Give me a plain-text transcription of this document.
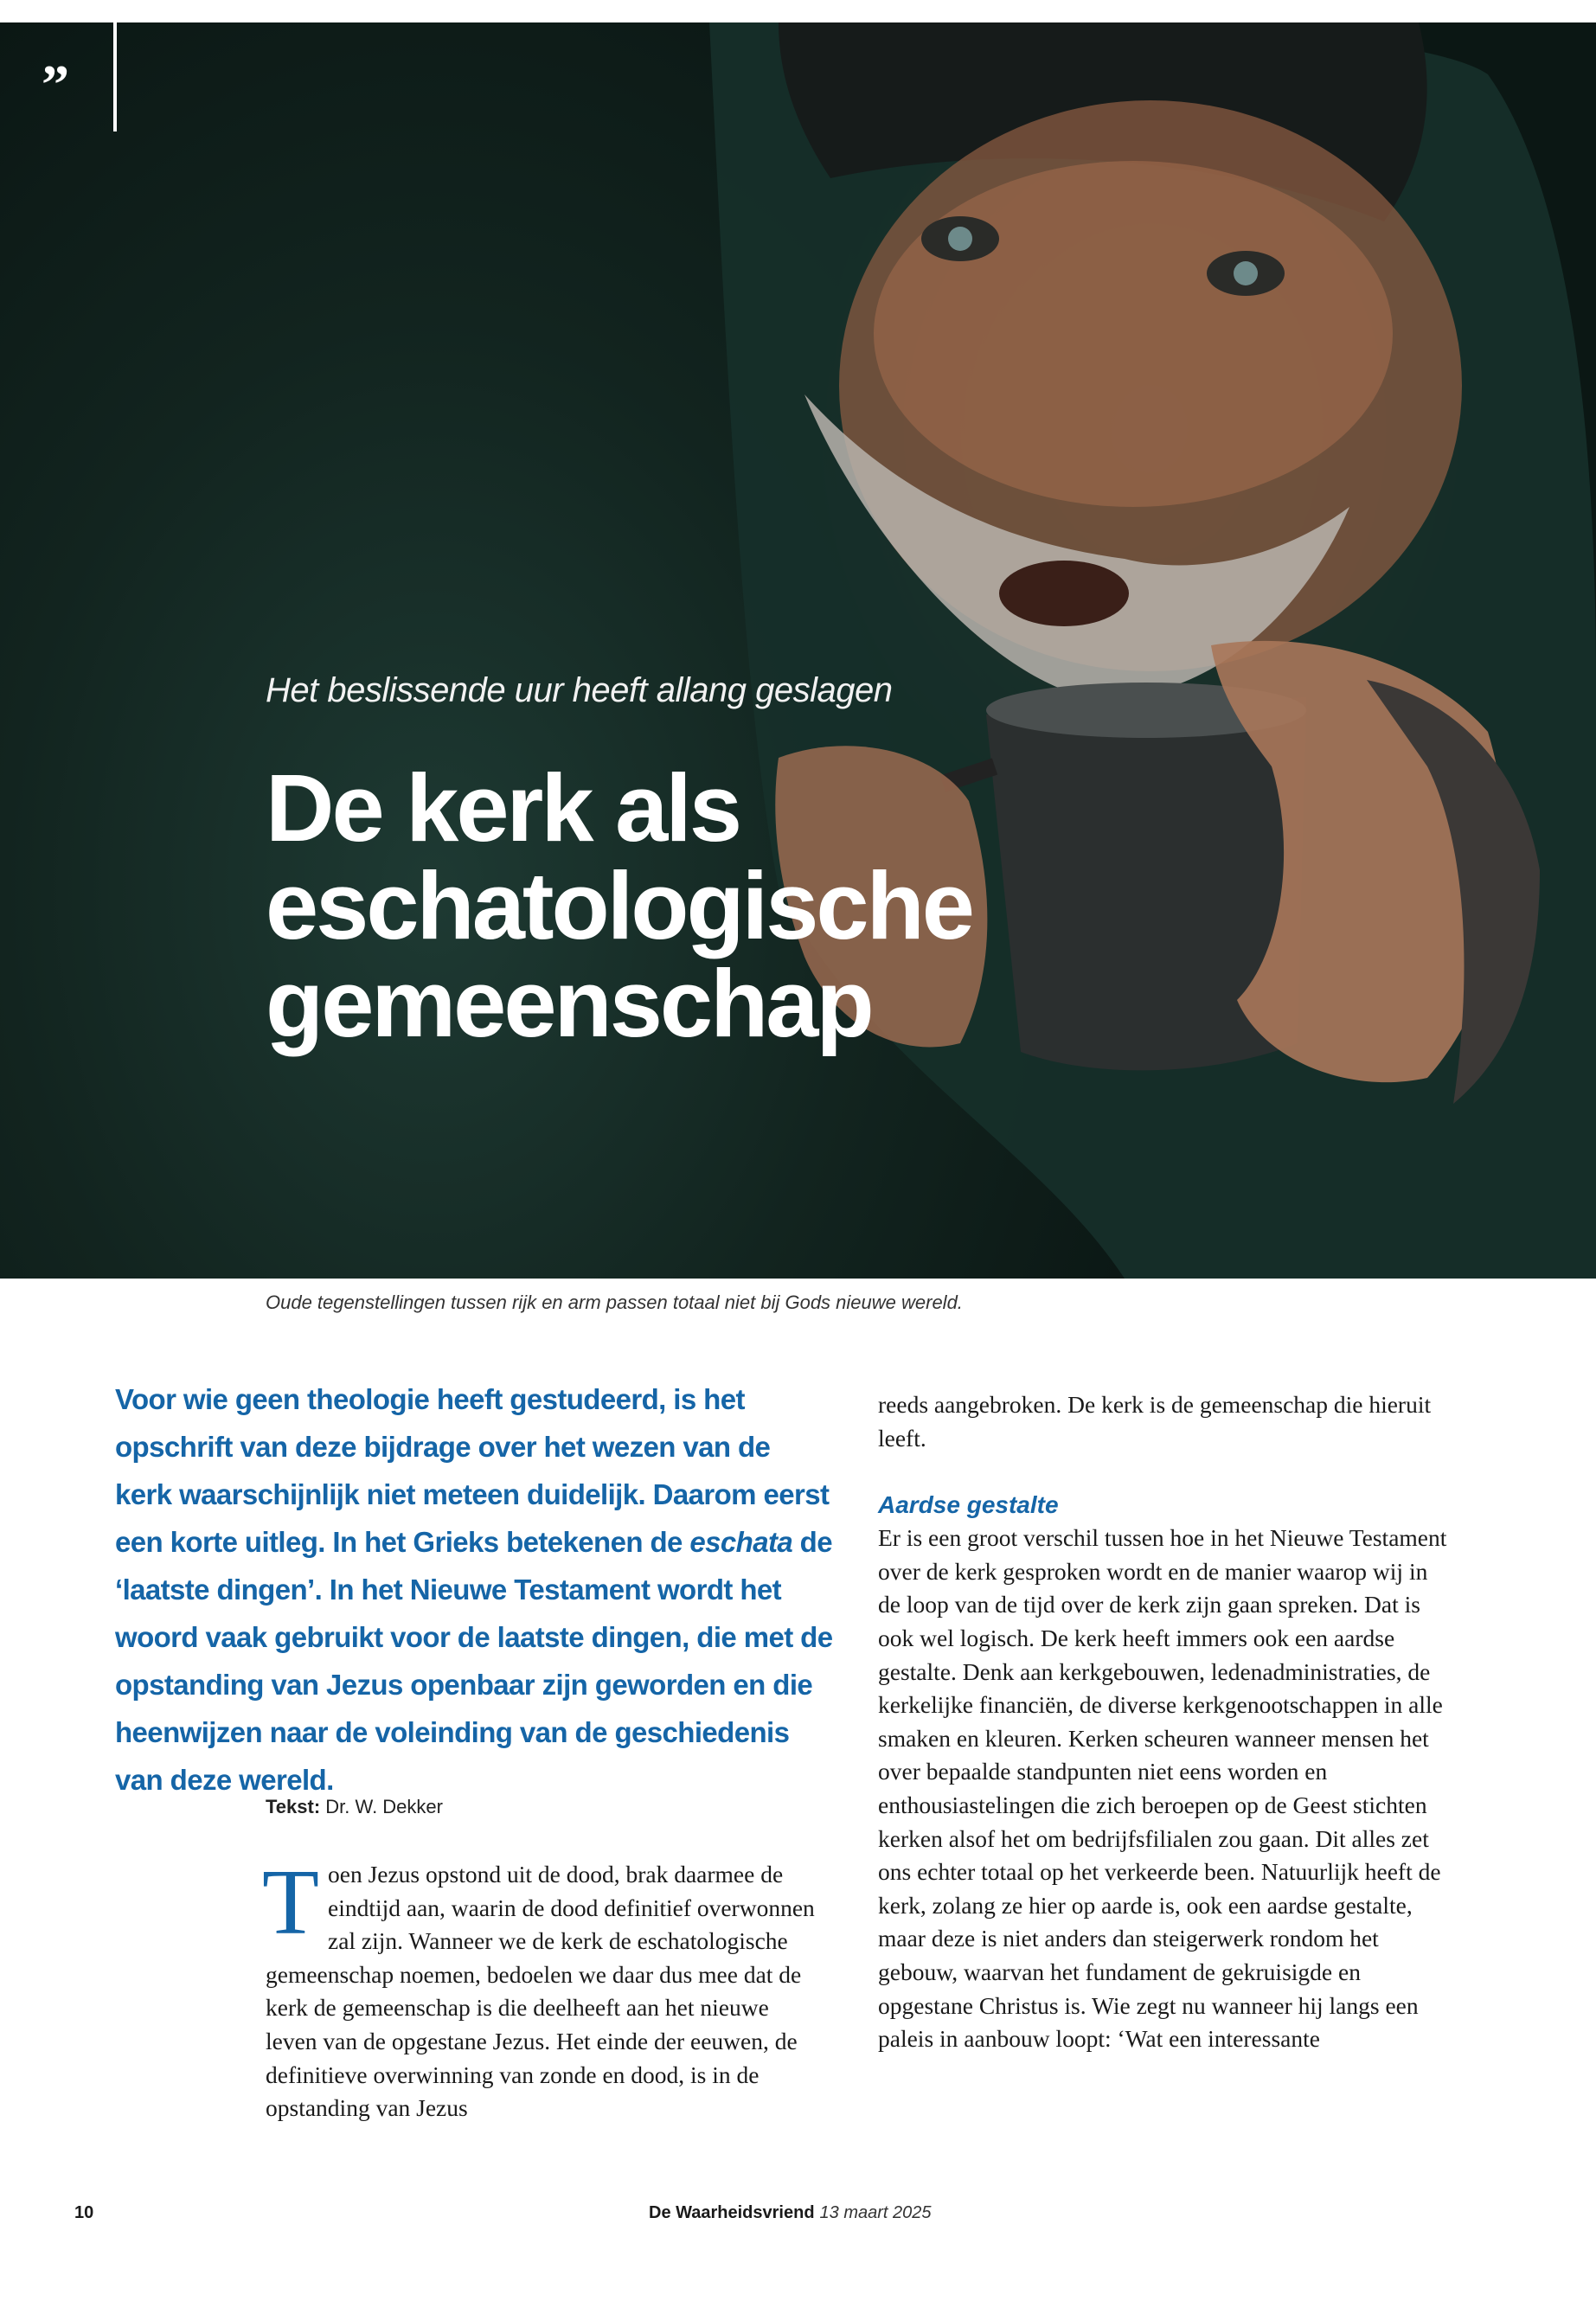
”
Het beslissende uur heeft allang geslagen
De kerk als
eschatologische
gemeenschap
Oude tegenstellingen tussen rijk en arm passen totaal niet bij Gods nieuwe wereld.
Voor wie geen theologie heeft gestudeerd, is het opschrift van deze bijdrage over het wezen van de kerk waarschijnlijk niet meteen duidelijk. Daarom eerst een korte uitleg. In het Grieks betekenen de eschata de ‘laatste dingen’. In het Nieuwe Testament wordt het woord vaak gebruikt voor de laatste dingen, die met de opstanding van Jezus openbaar zijn geworden en die heenwijzen naar de voleinding van de geschiedenis van deze wereld.
Tekst: Dr. W. Dekker

Toen Jezus opstond uit de dood, brak daarmee de eindtijd aan, waarin de dood definitief overwonnen zal zijn. Wanneer we de kerk de eschatologische gemeenschap noemen, bedoelen we daar dus mee dat de kerk de gemeenschap is die deelheeft aan het nieuwe leven van de opgestane Jezus. Het einde der eeuwen, de definitieve overwinning van zonde en dood, is in de opstanding van Jezus

reeds aangebroken. De kerk is de gemeenschap die hieruit leeft.

Aardse gestalte

Er is een groot verschil tussen hoe in het Nieuwe Testament over de kerk gesproken wordt en de manier waarop wij in de loop van de tijd over de kerk zijn gaan spreken. Dat is ook wel logisch. De kerk heeft immers ook een aardse gestalte. Denk aan kerkgebouwen, ledenadministraties, de kerkelijke financiën, de diverse kerkgenootschappen in alle smaken en kleuren. Kerken scheuren wanneer mensen het over bepaalde standpunten niet eens worden en enthousiastelingen die zich beroepen op de Geest stichten kerken alsof het om bedrijfsfilialen zou gaan. Dit alles zet ons echter totaal op het verkeerde been. Natuurlijk heeft de kerk, zolang ze hier op aarde is, ook een aardse gestalte, maar deze is niet anders dan steigerwerk rondom het gebouw, waarvan het fundament de gekruisigde en opgestane Christus is. Wie zegt nu wanneer hij langs een paleis in aanbouw loopt: ‘Wat een interessante

10	De Waarheidsvriend 13 maart 2025
